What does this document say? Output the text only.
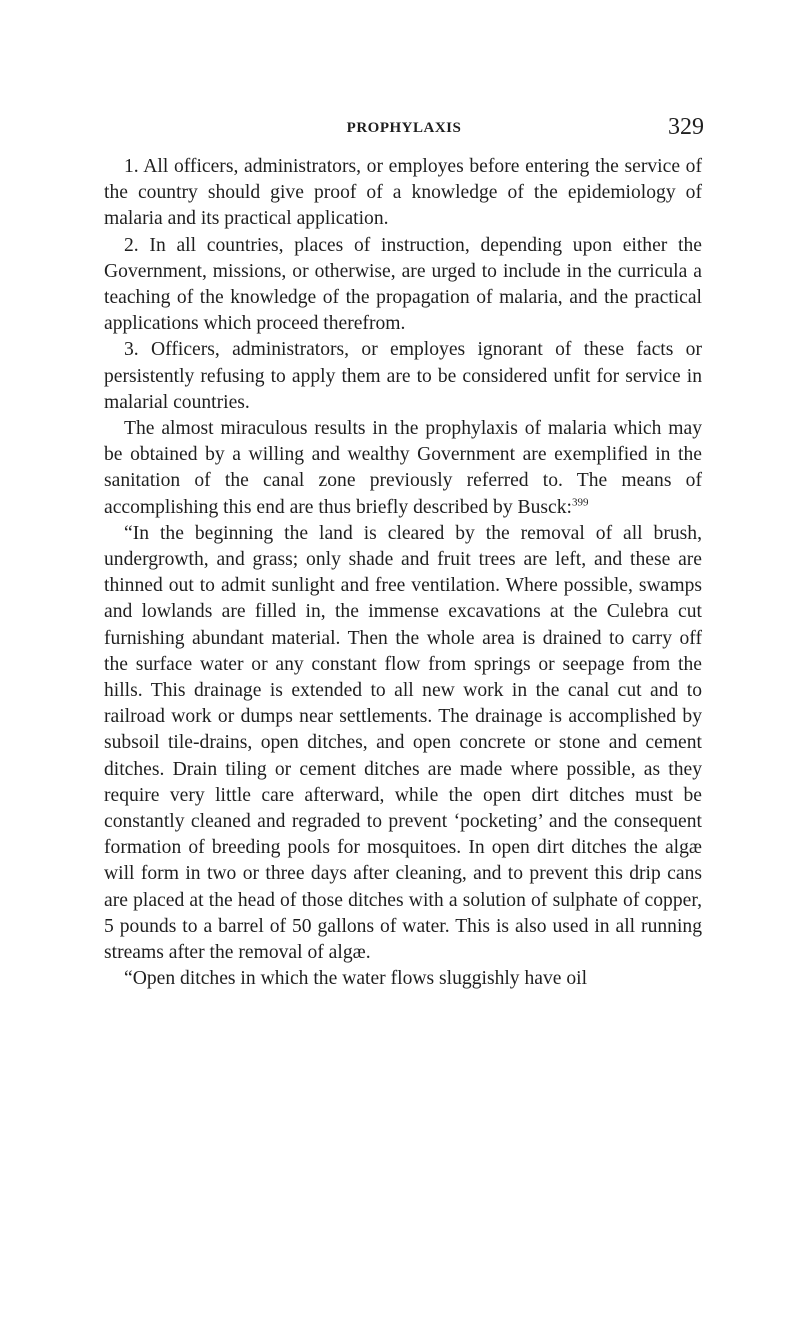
PROPHYLAXIS	329

1. All officers, administrators, or employes before entering the service of the country should give proof of a knowledge of the epidemiology of malaria and its practical application.

2. In all countries, places of instruction, depending upon either the Government, missions, or otherwise, are urged to include in the curricula a teaching of the knowledge of the propagation of malaria, and the practical applications which proceed therefrom.

3. Officers, administrators, or employes ignorant of these facts or persistently refusing to apply them are to be considered unfit for service in malarial countries.

The almost miraculous results in the prophylaxis of malaria which may be obtained by a willing and wealthy Government are exemplified in the sanitation of the canal zone previously referred to. The means of accomplishing this end are thus briefly described by Busck:$^{399}$

“In the beginning the land is cleared by the removal of all brush, undergrowth, and grass; only shade and fruit trees are left, and these are thinned out to admit sunlight and free ventilation. Where possible, swamps and lowlands are filled in, the immense excavations at the Culebra cut furnishing abundant material. Then the whole area is drained to carry off the surface water or any constant flow from springs or seepage from the hills. This drainage is extended to all new work in the canal cut and to railroad work or dumps near settlements. The drainage is accomplished by subsoil tile-drains, open ditches, and open concrete or stone and cement ditches. Drain tiling or cement ditches are made where possible, as they require very little care afterward, while the open dirt ditches must be constantly cleaned and regraded to prevent ‘pocketing’ and the consequent formation of breeding pools for mosquitoes. In open dirt ditches the algæ will form in two or three days after cleaning, and to prevent this drip cans are placed at the head of those ditches with a solution of sulphate of copper, 5 pounds to a barrel of 50 gallons of water. This is also used in all running streams after the removal of algæ.

“Open ditches in which the water flows sluggishly have oil
